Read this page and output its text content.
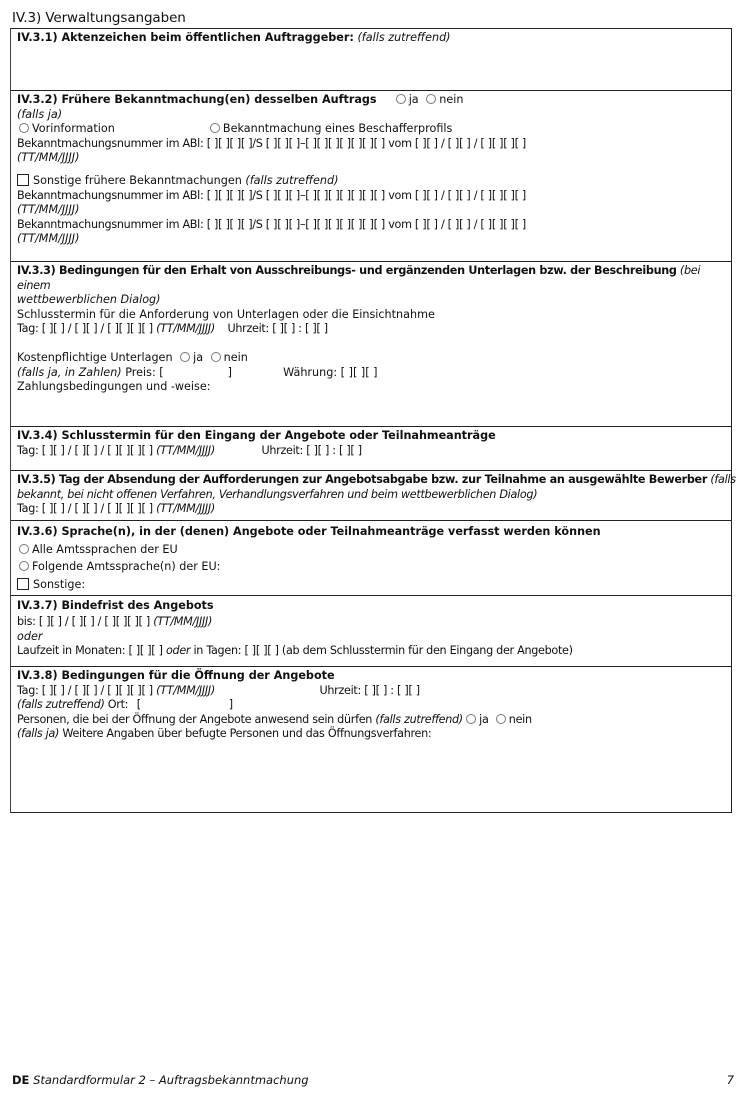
IV.3) Verwaltungsangaben
IV.3.1) Aktenzeichen beim öffentlichen Auftraggeber: (falls zutreffend)
IV.3.2) Frühere Bekanntmachung(en) desselben Auftrags	ja nein
(falls ja)
Vorinformation	Bekanntmachung eines Beschafferprofils
Bekanntmachungsnummer im ABl: [ ][ ][ ][ ]/S [ ][ ][ ]–[ ][ ][ ][ ][ ][ ][ ] vom [ ][ ] / [ ][ ] / [ ][ ][ ][ ]
(TT/MM/JJJJ)
Sonstige frühere Bekanntmachungen (falls zutreffend)
Bekanntmachungsnummer im ABl: [ ][ ][ ][ ]/S [ ][ ][ ]–[ ][ ][ ][ ][ ][ ][ ] vom [ ][ ] / [ ][ ] / [ ][ ][ ][ ]
(TT/MM/JJJJ)
Bekanntmachungsnummer im ABl: [ ][ ][ ][ ]/S [ ][ ][ ]–[ ][ ][ ][ ][ ][ ][ ] vom [ ][ ] / [ ][ ] / [ ][ ][ ][ ]
(TT/MM/JJJJ)
IV.3.3) Bedingungen für den Erhalt von Ausschreibungs- und ergänzenden Unterlagen bzw. der Beschreibung (bei einem
wettbewerblichen Dialog)
Schlusstermin für die Anforderung von Unterlagen oder die Einsichtnahme
Tag: [ ][ ] / [ ][ ] / [ ][ ][ ][ ] (TT/MM/JJJJ) Uhrzeit: [ ][ ] : [ ][ ]
Kostenpflichtige Unterlagen ja nein
(falls ja, in Zahlen) Preis: [	]	Währung: [ ][ ][ ]
Zahlungsbedingungen und -weise:
IV.3.4) Schlusstermin für den Eingang der Angebote oder Teilnahmeanträge
Tag: [ ][ ] / [ ][ ] / [ ][ ][ ][ ] (TT/MM/JJJJ)	Uhrzeit: [ ][ ] : [ ][ ]
IV.3.5) Tag der Absendung der Aufforderungen zur Angebotsabgabe bzw. zur Teilnahme an ausgewählte Bewerber (falls
bekannt, bei nicht offenen Verfahren, Verhandlungsverfahren und beim wettbewerblichen Dialog)
Tag: [ ][ ] / [ ][ ] / [ ][ ][ ][ ] (TT/MM/JJJJ)
IV.3.6) Sprache(n), in der (denen) Angebote oder Teilnahmeanträge verfasst werden können
Alle Amtssprachen der EU
Folgende Amtssprache(n) der EU:
Sonstige:
IV.3.7) Bindefrist des Angebots
bis: [ ][ ] / [ ][ ] / [ ][ ][ ][ ] (TT/MM/JJJJ)
oder
Laufzeit in Monaten: [ ][ ][ ] oder in Tagen: [ ][ ][ ] (ab dem Schlusstermin für den Eingang der Angebote)
IV.3.8) Bedingungen für die Öffnung der Angebote
Tag: [ ][ ] / [ ][ ] / [ ][ ][ ][ ] (TT/MM/JJJJ)	Uhrzeit: [ ][ ] : [ ][ ]
(falls zutreffend) Ort: [	]
Personen, die bei der Öffnung der Angebote anwesend sein dürfen (falls zutreffend) ja nein
(falls ja) Weitere Angaben über befugte Personen und das Öffnungsverfahren:
DE Standardformular 2 – Auftragsbekanntmachung	7
